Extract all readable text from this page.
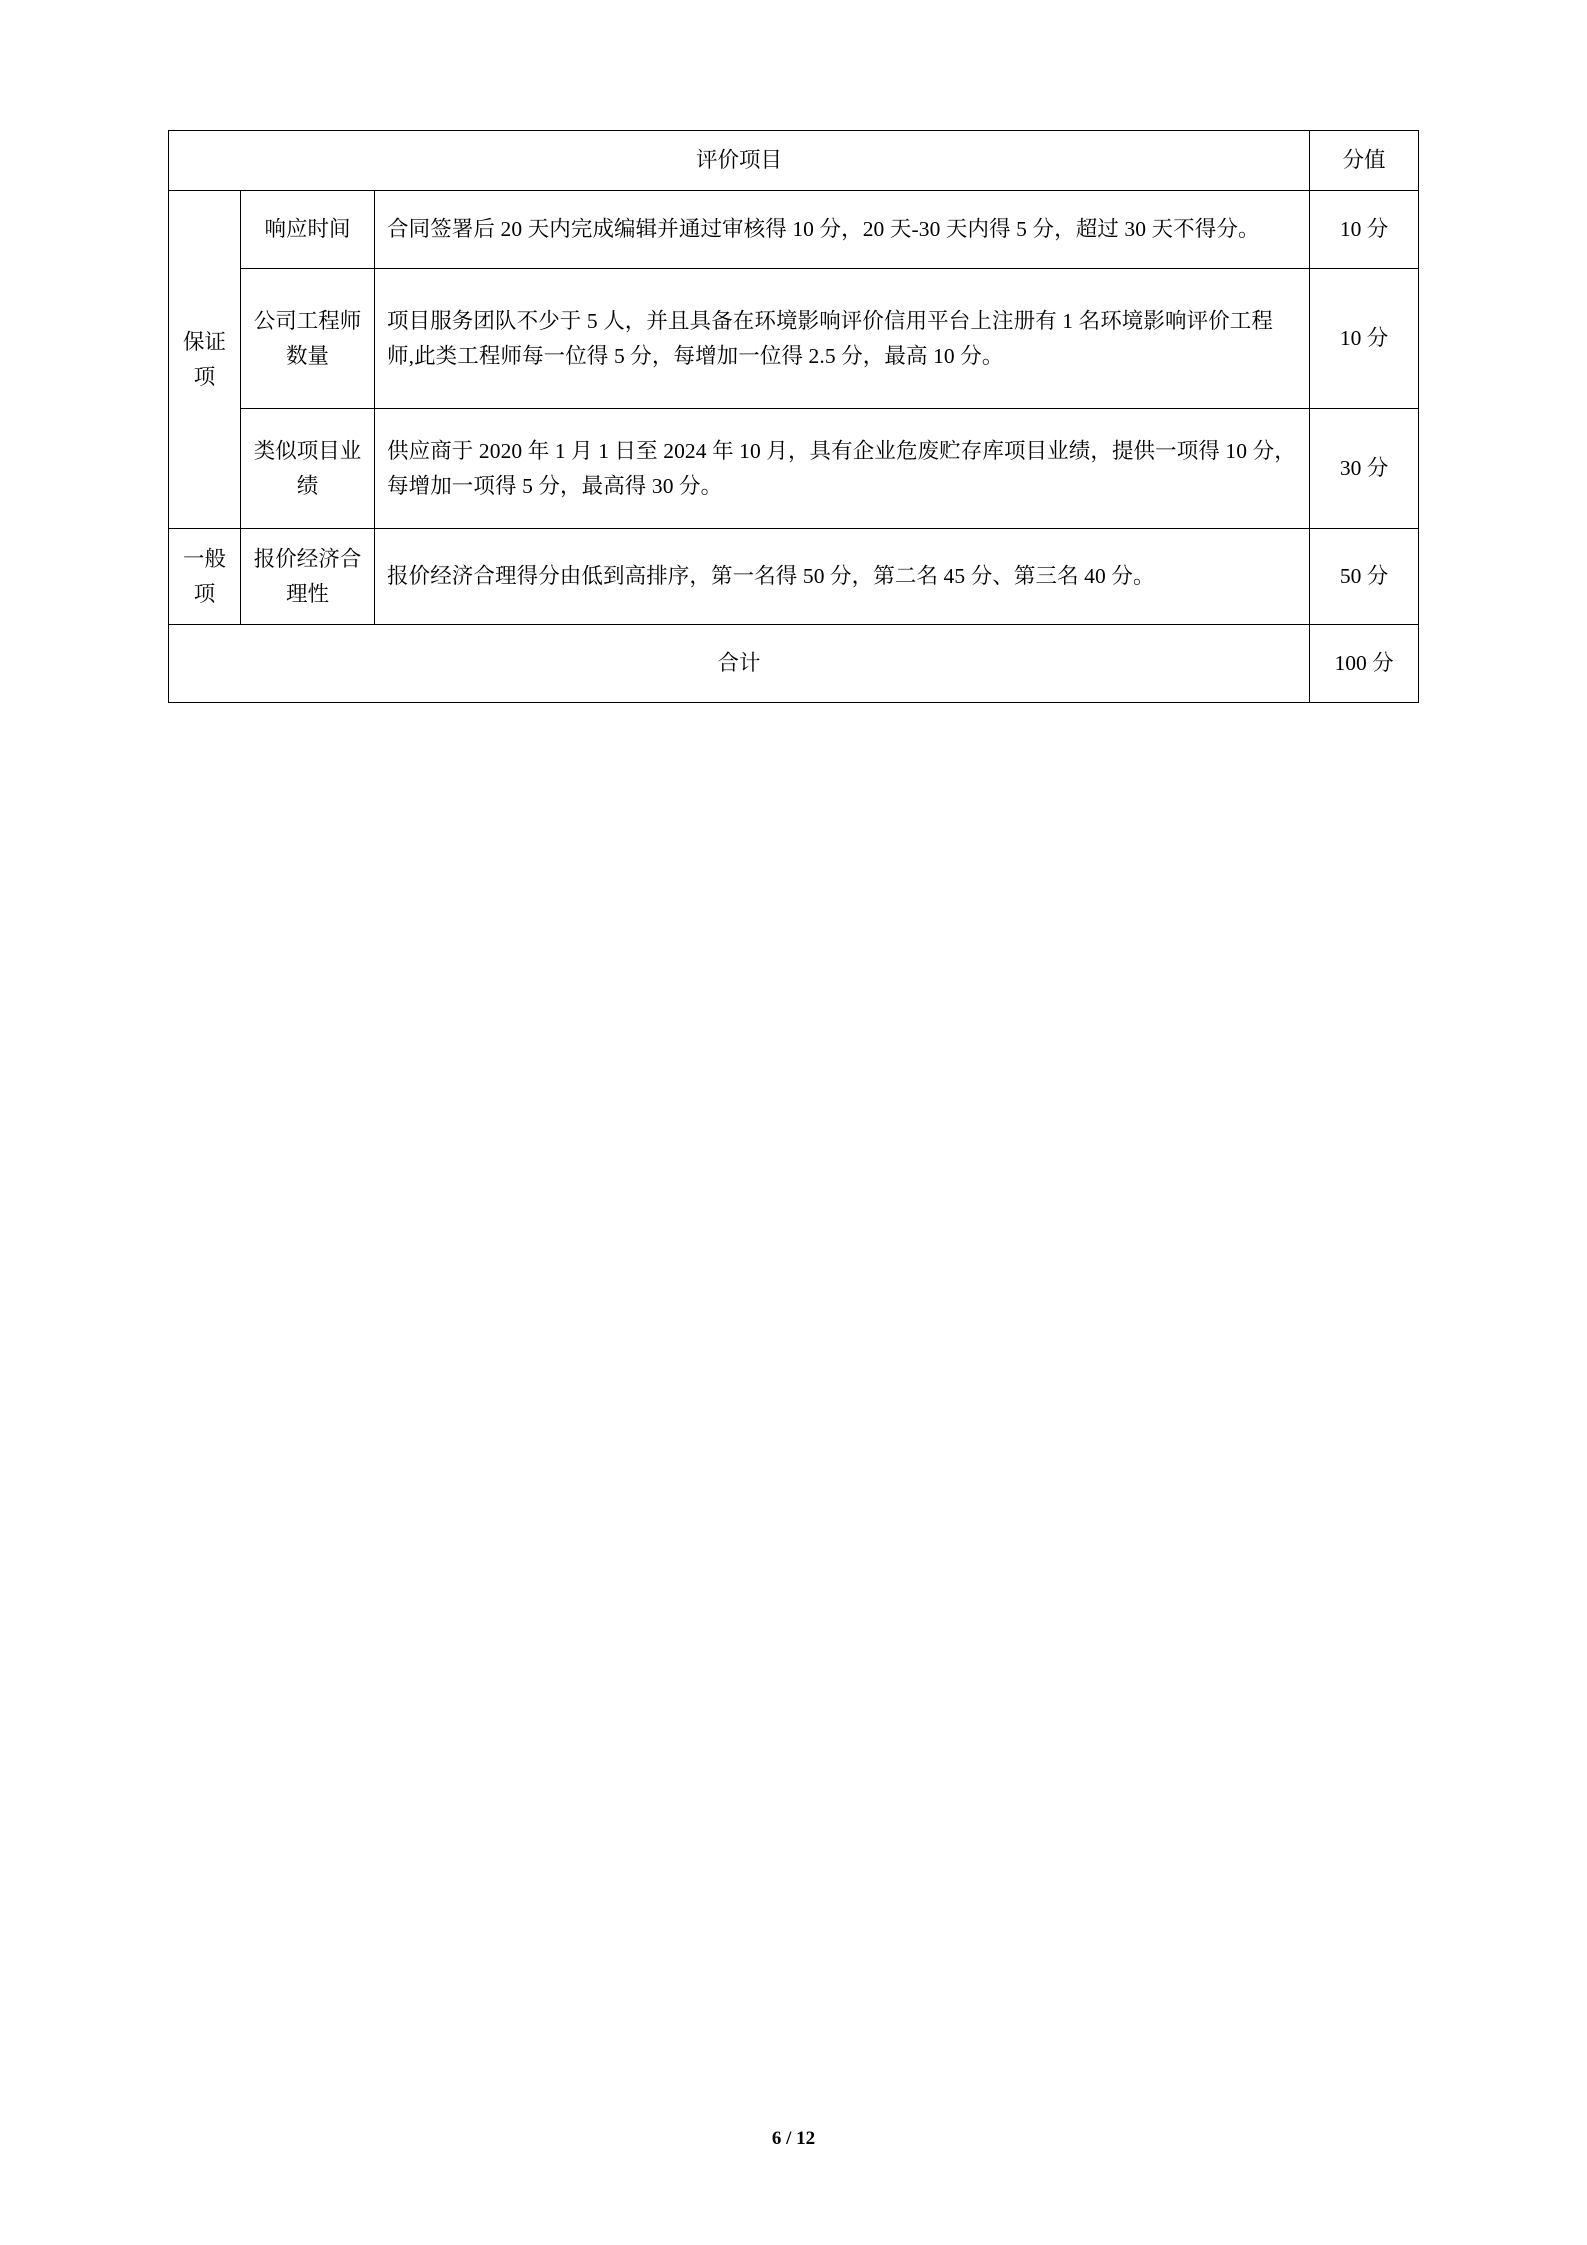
评价项目			分值
保证项	响应时间	合同签署后 20 天内完成编辑并通过审核得 10 分，20 天-30 天内得 5 分，超过 30 天不得分。	10 分
	公司工程师数量	项目服务团队不少于 5 人，并且具备在环境影响评价信用平台上注册有 1 名环境影响评价工程师,此类工程师每一位得 5 分，每增加一位得 2.5 分，最高 10 分。	10 分
	类似项目业绩	供应商于 2020 年 1 月 1 日至 2024 年 10 月，具有企业危废贮存库项目业绩，提供一项得 10 分，每增加一项得 5 分，最高得 30 分。	30 分
一般项	报价经济合理性	报价经济合理得分由低到高排序，第一名得 50 分，第二名 45 分、第三名 40 分。	50 分
合计			100 分
6 / 12
